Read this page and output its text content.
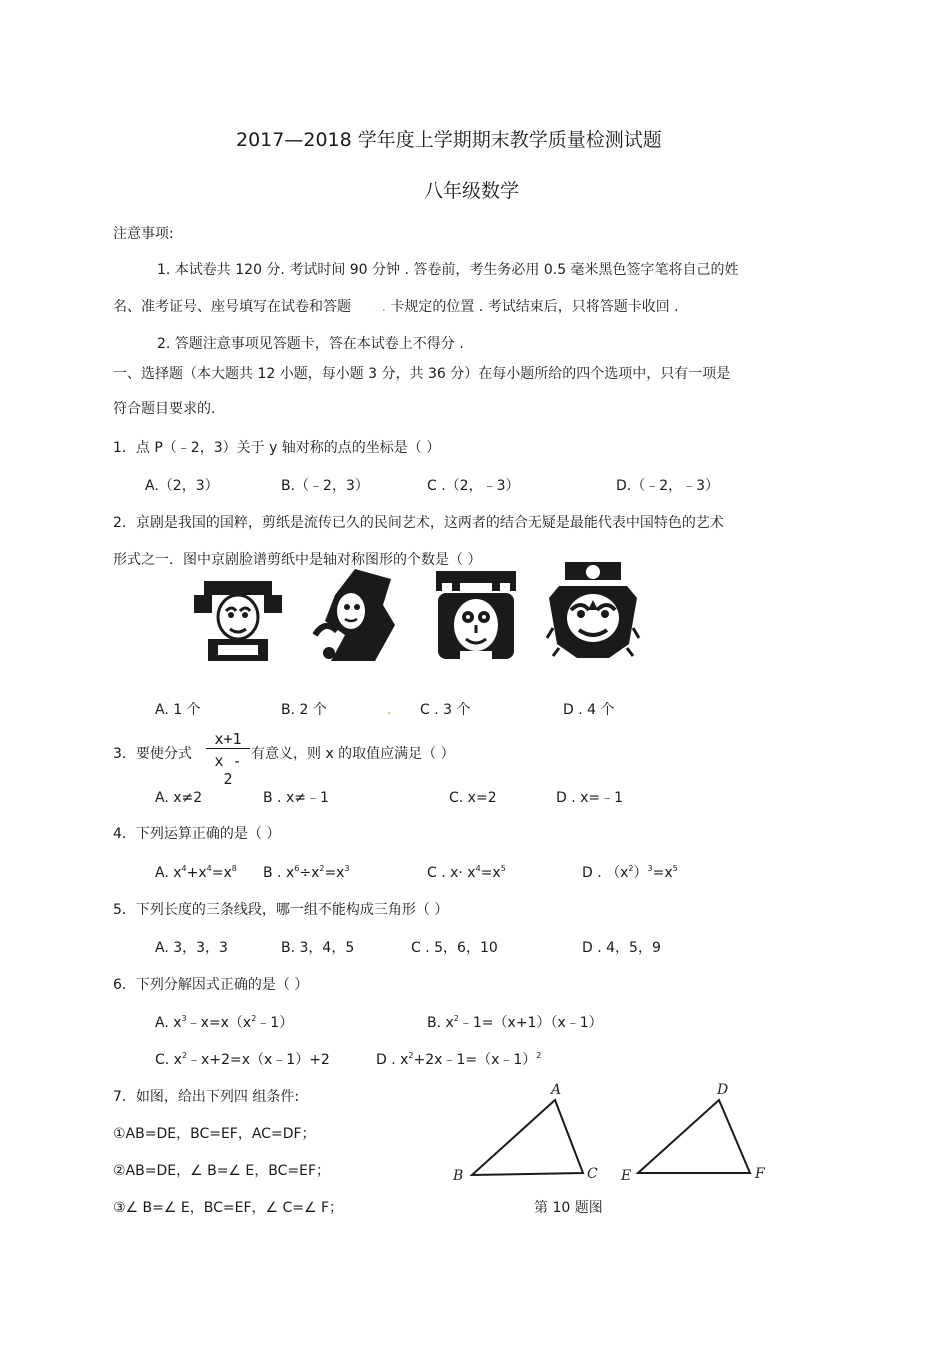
2017—2018 学年度上学期期末教学质量检测试题
八年级数学
注意事项:
1. 本试卷共 120 分. 考试时间 90 分钟 . 答卷前，考生务必用 0.5 毫米黑色签字笔将自己的姓
名、准考证号、座号填写在试卷和答题 . 卡规定的位置 . 考试结束后，只将答题卡收回 .
2. 答题注意事项见答题卡，答在本试卷上不得分 .
一、选择题（本大题共 12 小题，每小题 3 分，共 36 分）在每小题所给的四个选项中，只有一项是
符合题目要求的.
1．点 P（﹣2，3）关于 y 轴对称的点的坐标是（ ）
A.（2，3）	B.（﹣2，3）	C .（2，﹣3）	D.（﹣2，﹣3）
2．京剧是我国的国粹，剪纸是流传已久的民间艺术，这两者的结合无疑是最能代表中国特色的艺术
形式之一．图中京剧脸谱剪纸中是轴对称图形的个数是（ ）
A. 1 个	B. 2 个	. C . 3 个	D . 4 个
3．要使分式 $\frac{x+1}{x - 2}$ 有意义，则 x 的取值应满足（ ）
A. x≠2	B . x≠﹣1	C. x=2	D . x=﹣1
4．下列运算正确的是（ ）
A. $x^4+x^4=x^8$ B . $x^6\div x^2=x^3$	C . $x\cdot x^4=x^5$	D . $(x^2)^3=x^5$
5．下列长度的三条线段，哪一组不能构成三角形（ ）
A. 3，3，3	B. 3，4，5	C . 5，6，10	D . 4，5，9
6．下列分解因式正确的是（ ）
A. $x^3﹣x=x(x^2﹣1)$	B. $x^2﹣1=(x+1)(x﹣1)$
C. $x^2﹣x+2=x(x﹣1)+2$	D . $x^2+2x﹣1=(x﹣1)^2$
7．如图，给出下列四 组条件:
①AB=DE，BC=EF，AC=DF；
②AB=DE，∠ B=∠ E，BC=EF；
③∠ B=∠ E，BC=EF，∠ C=∠ F；
A
B	C
D
E	F
第 10 题图
